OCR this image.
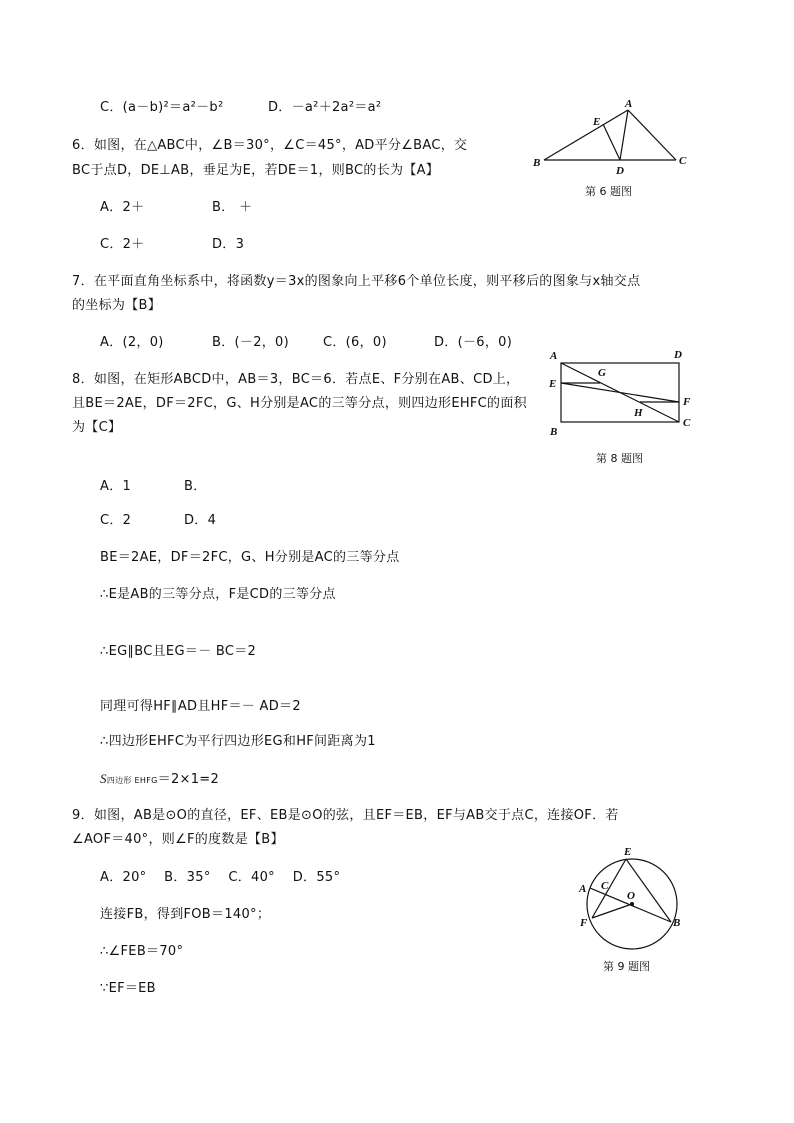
C．(a－b)²＝a²－b²	D．－a²＋2a²＝a²
6．如图，在△ABC中，∠B＝30°，∠C＝45°，AD平分∠BAC，交
BC于点D，DE⊥AB，垂足为E，若DE＝1，则BC的长为【A】
A．2＋	B． ＋
C．2＋	D．3
A
B	C
D
E
第 6 题图
7．在平面直角坐标系中，将函数y＝3x的图象向上平移6个单位长度，则平移后的图象与x轴交点
的坐标为【B】
A．(2，0)	B．(－2，0)	C．(6，0)	D．(－6，0)
8．如图，在矩形ABCD中，AB＝3，BC＝6．若点E、F分别在AB、CD上，
且BE＝2AE，DF＝2FC，G、H分别是AC的三等分点，则四边形EHFC的面积
为【C】
A	D
E
G
F
H
C
B
第 8 题图
A．1	B．
C．2	D．4
BE＝2AE，DF＝2FC，G、H分别是AC的三等分点
∴E是AB的三等分点，F是CD的三等分点
∴EG∥BC且EG＝－ BC＝2
同理可得HF∥AD且HF＝－ AD＝2
∴四边形EHFC为平行四边形EG和HF间距离为1
S四边形 EHFG＝2×1=2
9．如图，AB是⊙O的直径，EF、EB是⊙O的弦，且EF＝EB，EF与AB交于点C，连接OF．若
∠AOF＝40°，则∠F的度数是【B】
A．20°    B．35°    C．40°    D．55°
连接FB，得到FOB＝140°；
∴∠FEB＝70°
∵EF＝EB
E
A C
O
F	B
第 9 题图
